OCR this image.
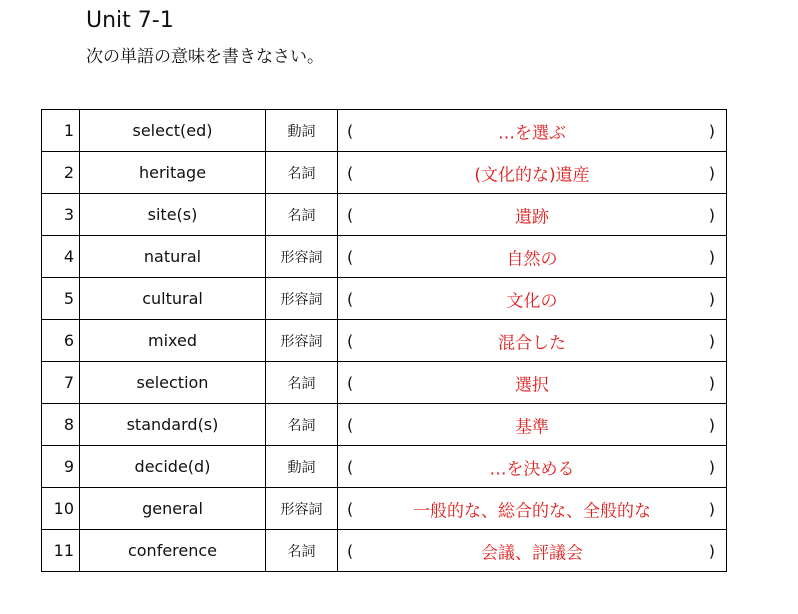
Unit 7-1
次の単語の意味を書きなさい。
1	select(ed)	動詞	( …を選ぶ )

2	heritage	名詞	( (文化的な)遺産 )

3	site(s)	名詞	( 遺跡 )

4	natural	形容詞	( 自然の )

5	cultural	形容詞	( 文化の )

6	mixed	形容詞	( 混合した )

7	selection	名詞	( 選択 )

8	standard(s)	名詞	( 基準 )

9	decide(d)	動詞	( …を決める )

10	general	形容詞	( 一般的な、総合的な、全般的な )

11	conference	名詞	( 会議、評議会 )
